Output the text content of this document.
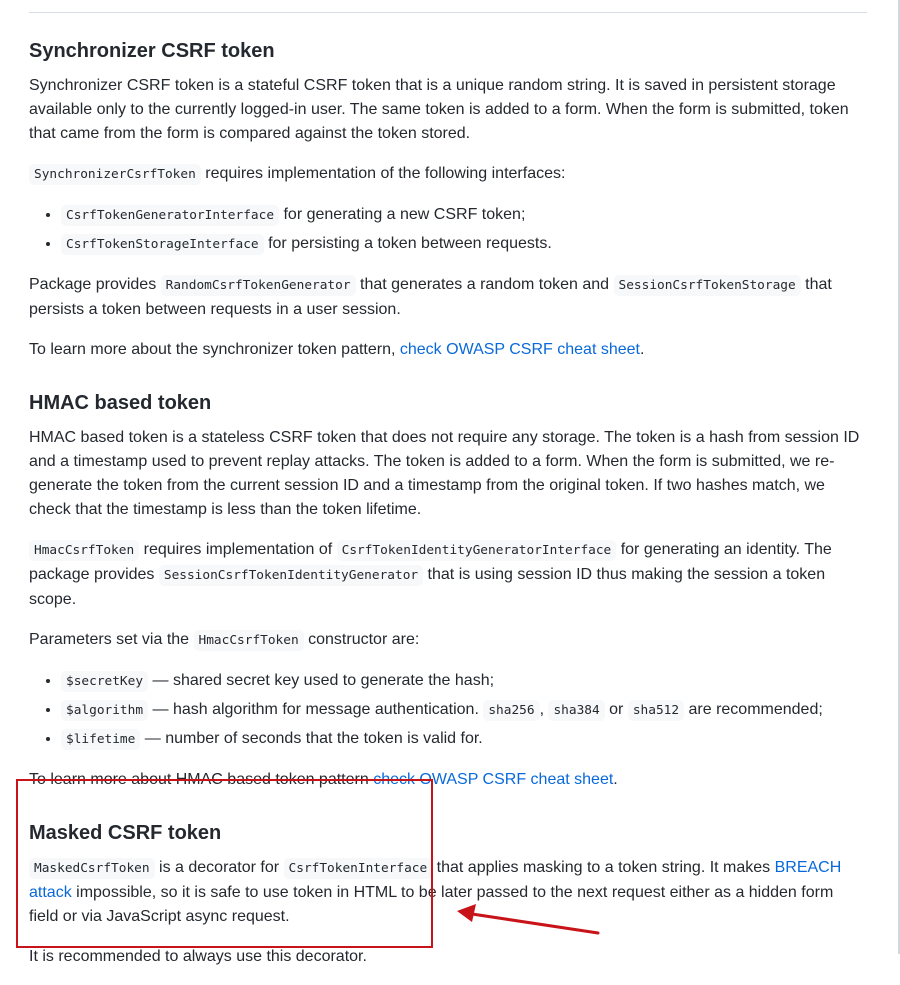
Synchronizer CSRF token

Synchronizer CSRF token is a stateful CSRF token that is a unique random string. It is saved in persistent storage available only to the currently logged-in user. The same token is added to a form. When the form is submitted, token that came from the form is compared against the token stored.

SynchronizerCsrfToken requires implementation of the following interfaces:

• CsrfTokenGeneratorInterface for generating a new CSRF token;
• CsrfTokenStorageInterface for persisting a token between requests.

Package provides RandomCsrfTokenGenerator that generates a random token and SessionCsrfTokenStorage that persists a token between requests in a user session.

To learn more about the synchronizer token pattern, check OWASP CSRF cheat sheet.

HMAC based token

HMAC based token is a stateless CSRF token that does not require any storage. The token is a hash from session ID and a timestamp used to prevent replay attacks. The token is added to a form. When the form is submitted, we re-generate the token from the current session ID and a timestamp from the original token. If two hashes match, we check that the timestamp is less than the token lifetime.

HmacCsrfToken requires implementation of CsrfTokenIdentityGeneratorInterface for generating an identity. The package provides SessionCsrfTokenIdentityGenerator that is using session ID thus making the session a token scope.

Parameters set via the HmacCsrfToken constructor are:

• $secretKey — shared secret key used to generate the hash;
• $algorithm — hash algorithm for message authentication. sha256 , sha384 or sha512 are recommended;
• $lifetime — number of seconds that the token is valid for.

To learn more about HMAC based token pattern check OWASP CSRF cheat sheet.

Masked CSRF token

MaskedCsrfToken is a decorator for CsrfTokenInterface that applies masking to a token string. It makes BREACH attack impossible, so it is safe to use token in HTML to be later passed to the next request either as a hidden form field or via JavaScript async request.

It is recommended to always use this decorator.
